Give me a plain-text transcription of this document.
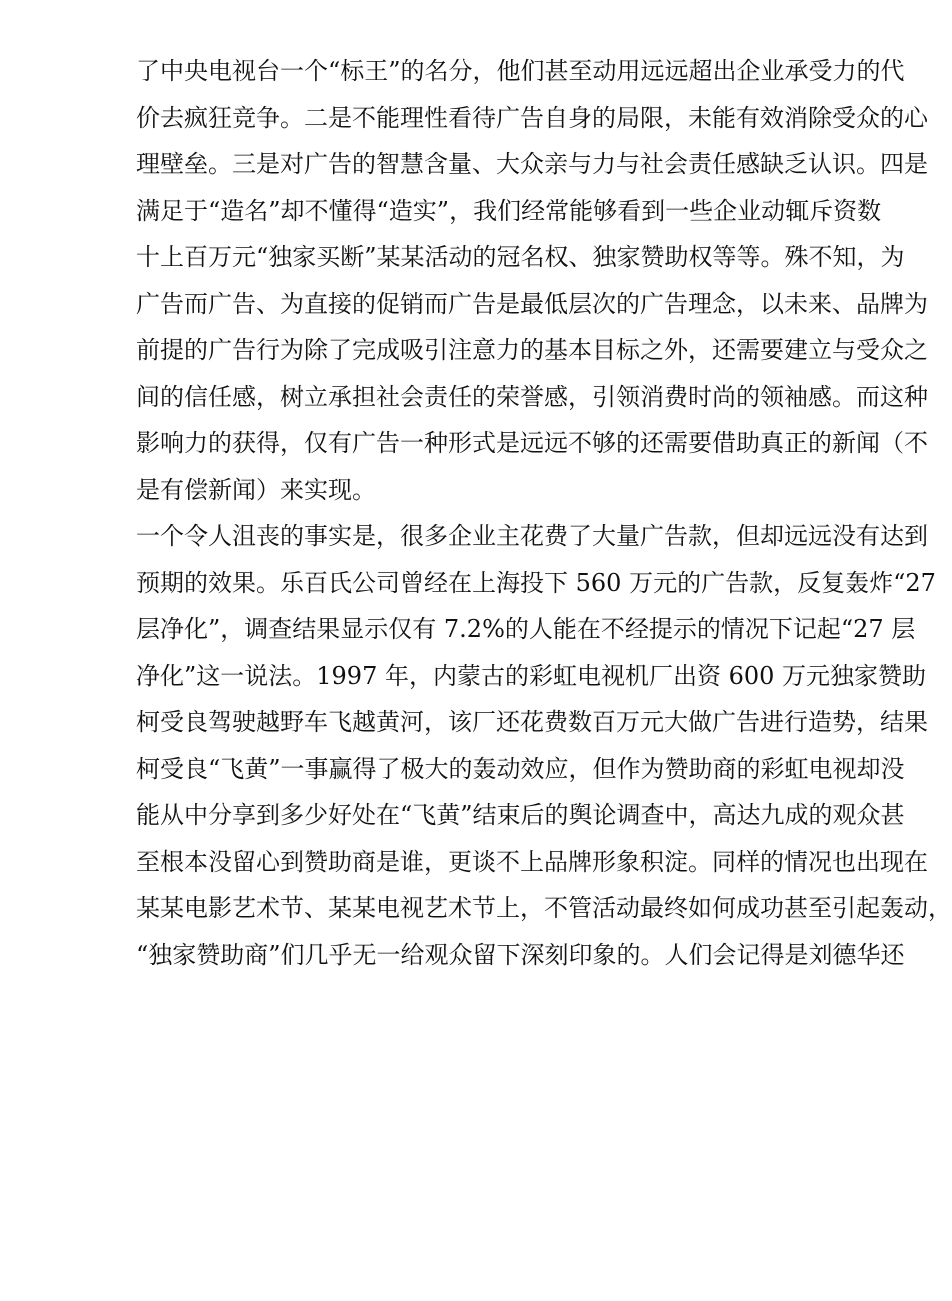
了中央电视台一个“标王”的名分，他们甚至动用远远超出企业承受力的代
价去疯狂竞争。二是不能理性看待广告自身的局限，未能有效消除受众的心
理壁垒。三是对广告的智慧含量、大众亲与力与社会责任感缺乏认识。四是
满足于“造名”却不懂得“造实”，我们经常能够看到一些企业动辄斥资数
十上百万元“独家买断”某某活动的冠名权、独家赞助权等等。殊不知，为
广告而广告、为直接的促销而广告是最低层次的广告理念，以未来、品牌为
前提的广告行为除了完成吸引注意力的基本目标之外，还需要建立与受众之
间的信任感，树立承担社会责任的荣誉感，引领消费时尚的领袖感。而这种
影响力的获得，仅有广告一种形式是远远不够的还需要借助真正的新闻（不
是有偿新闻）来实现。
一个令人沮丧的事实是，很多企业主花费了大量广告款，但却远远没有达到
预期的效果。乐百氏公司曾经在上海投下 560 万元的广告款，反复轰炸“27
层净化”，调查结果显示仅有 7.2%的人能在不经提示的情况下记起“27 层
净化”这一说法。1997 年，内蒙古的彩虹电视机厂出资 600 万元独家赞助
柯受良驾驶越野车飞越黄河，该厂还花费数百万元大做广告进行造势，结果
柯受良“飞黄”一事赢得了极大的轰动效应，但作为赞助商的彩虹电视却没
能从中分享到多少好处在“飞黄”结束后的舆论调查中，高达九成的观众甚
至根本没留心到赞助商是谁，更谈不上品牌形象积淀。同样的情况也出现在
某某电影艺术节、某某电视艺术节上，不管活动最终如何成功甚至引起轰动，
“独家赞助商”们几乎无一给观众留下深刻印象的。人们会记得是刘德华还
